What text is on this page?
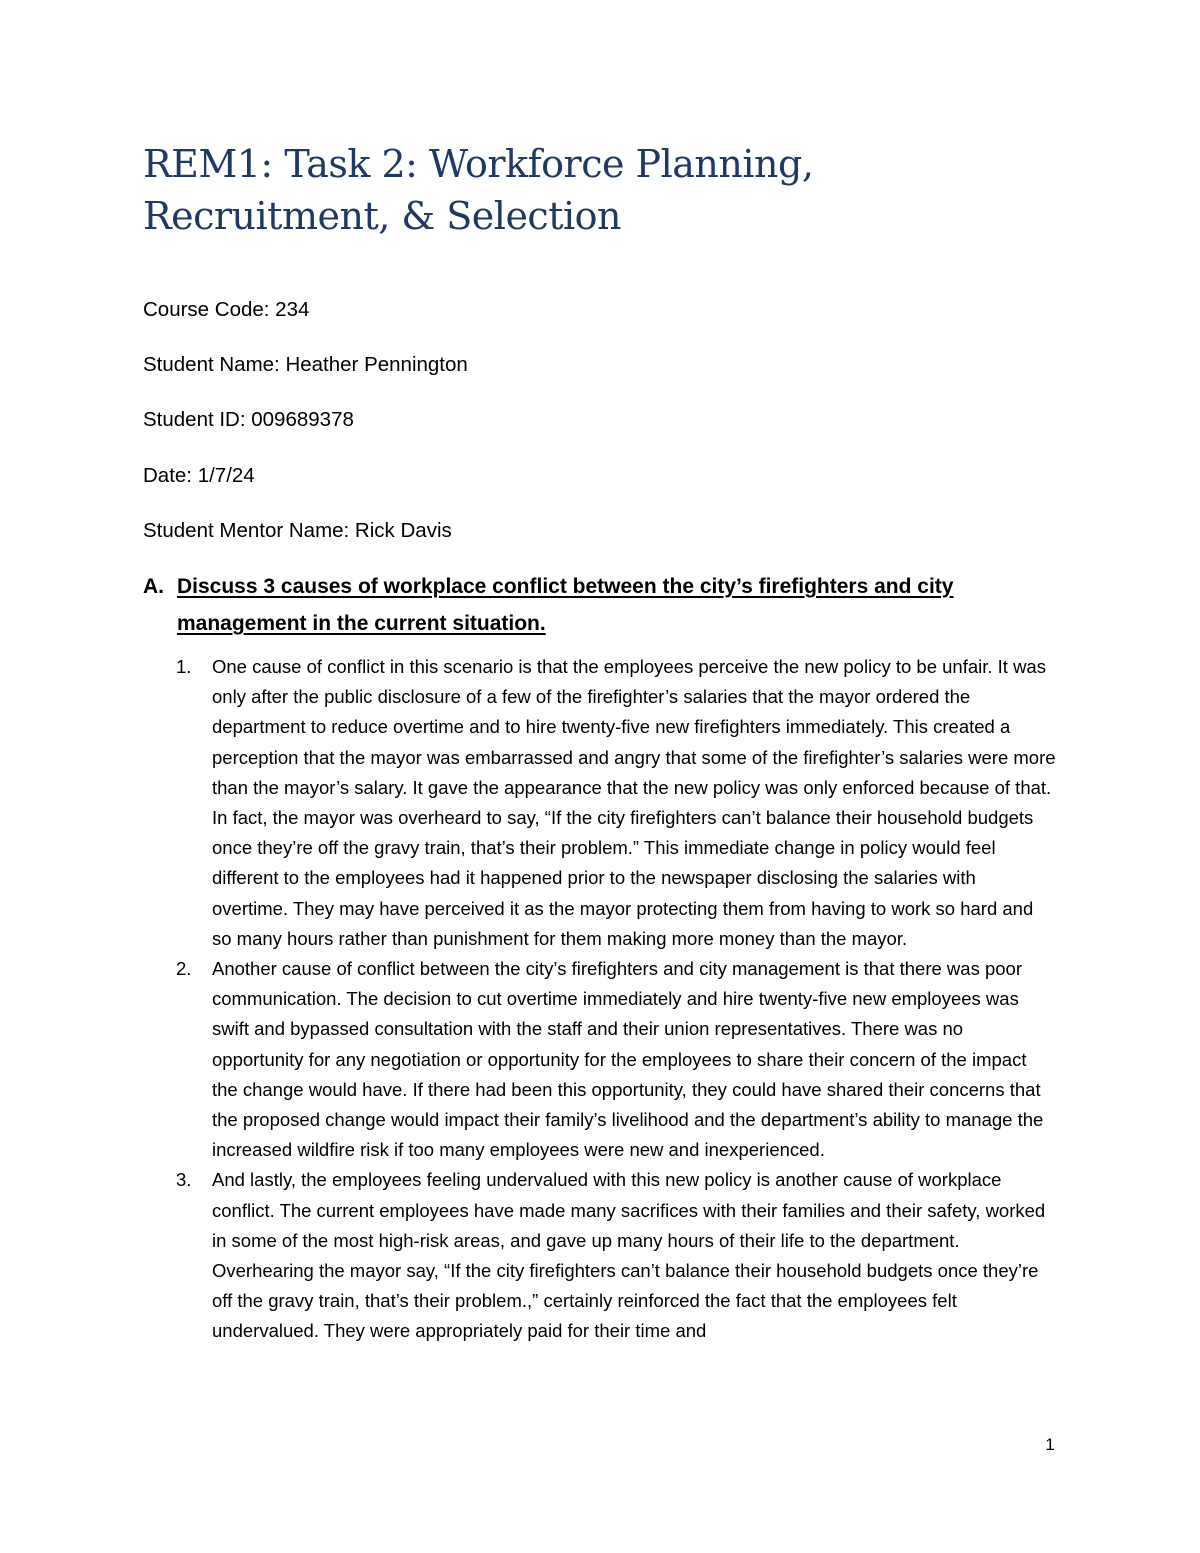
REM1: Task 2: Workforce Planning,
Recruitment, & Selection

Course Code: 234

Student Name: Heather Pennington

Student ID: 009689378

Date: 1/7/24

Student Mentor Name: Rick Davis

A. Discuss 3 causes of workplace conflict between the city’s firefighters and city management in the current situation.
1. One cause of conflict in this scenario is that the employees perceive the new policy to be unfair. It was only after the public disclosure of a few of the firefighter’s salaries that the mayor ordered the department to reduce overtime and to hire twenty-five new firefighters immediately. This created a perception that the mayor was embarrassed and angry that some of the firefighter’s salaries were more than the mayor’s salary. It gave the appearance that the new policy was only enforced because of that. In fact, the mayor was overheard to say, “If the city firefighters can’t balance their household budgets once they’re off the gravy train, that’s their problem.” This immediate change in policy would feel different to the employees had it happened prior to the newspaper disclosing the salaries with overtime. They may have perceived it as the mayor protecting them from having to work so hard and so many hours rather than punishment for them making more money than the mayor.
2. Another cause of conflict between the city’s firefighters and city management is that there was poor communication. The decision to cut overtime immediately and hire twenty-five new employees was swift and bypassed consultation with the staff and their union representatives. There was no opportunity for any negotiation or opportunity for the employees to share their concern of the impact the change would have. If there had been this opportunity, they could have shared their concerns that the proposed change would impact their family’s livelihood and the department’s ability to manage the increased wildfire risk if too many employees were new and inexperienced.
3. And lastly, the employees feeling undervalued with this new policy is another cause of workplace conflict. The current employees have made many sacrifices with their families and their safety, worked in some of the most high-risk areas, and gave up many hours of their life to the department. Overhearing the mayor say, “If the city firefighters can’t balance their household budgets once they’re off the gravy train, that’s their problem.,” certainly reinforced the fact that the employees felt undervalued. They were appropriately paid for their time and
1
